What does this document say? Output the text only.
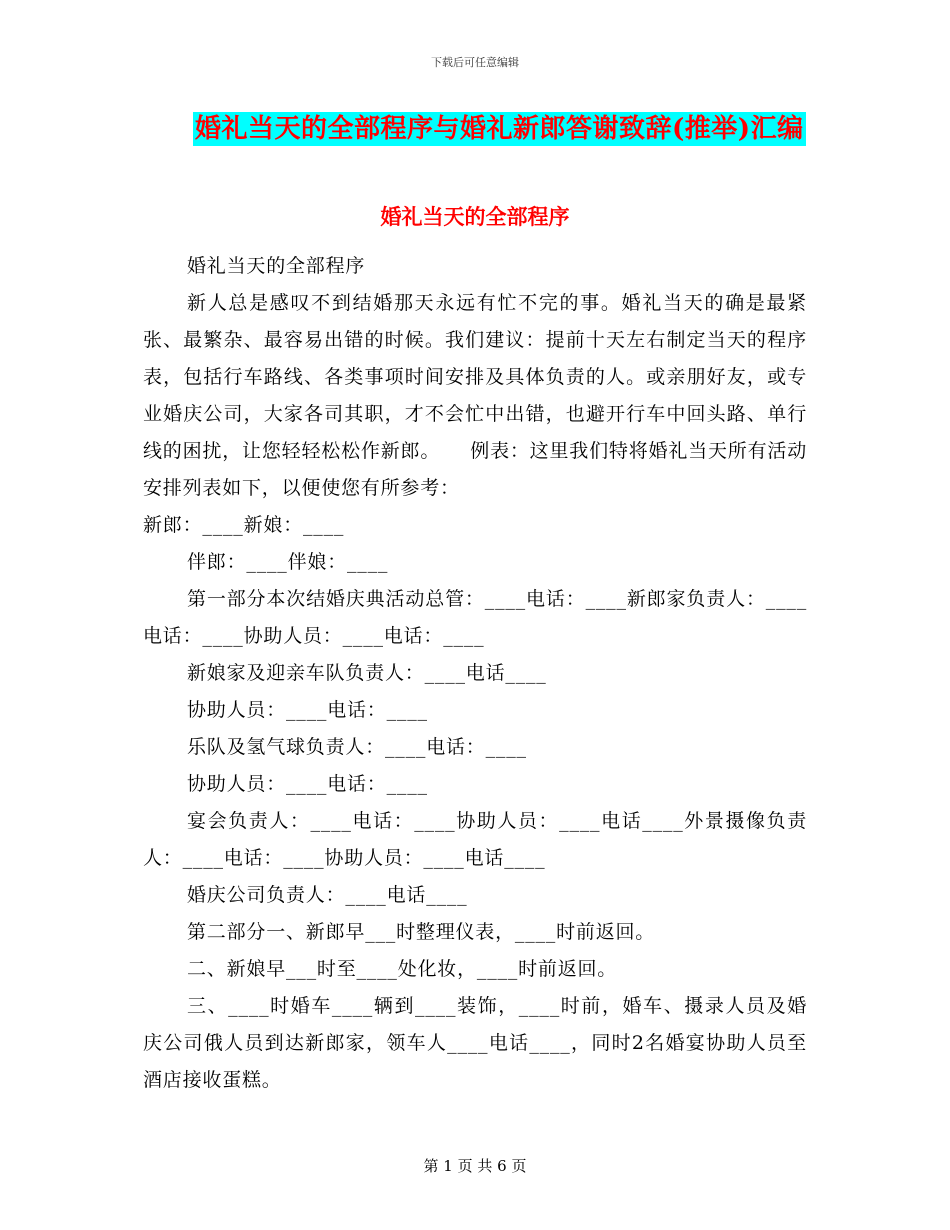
下载后可任意编辑
婚礼当天的全部程序与婚礼新郎答谢致辞(推举)汇编
婚礼当天的全部程序

婚礼当天的全部程序

新人总是感叹不到结婚那天永远有忙不完的事。婚礼当天的确是最紧张、最繁杂、最容易出错的时候。我们建议：提前十天左右制定当天的程序表，包括行车路线、各类事项时间安排及具体负责的人。或亲朋好友，或专业婚庆公司，大家各司其职，才不会忙中出错，也避开行车中回头路、单行线的困扰，让您轻轻松松作新郎。　　例表：这里我们特将婚礼当天所有活动安排列表如下，以便使您有所参考：

新郎：____新娘：____

伴郎：____伴娘：____

第一部分本次结婚庆典活动总管：____电话：____新郎家负责人：____电话：____协助人员：____电话：____

新娘家及迎亲车队负责人：____电话____

协助人员：____电话：____

乐队及氢气球负责人：____电话：____

协助人员：____电话：____

宴会负责人：____电话：____协助人员：____电话____外景摄像负责人：____电话：____协助人员：____电话____

婚庆公司负责人：____电话____

第二部分一、新郎早___时整理仪表，____时前返回。

二、新娘早___时至____处化妆，____时前返回。

三、____时婚车____辆到____装饰，____时前，婚车、摄录人员及婚庆公司俄人员到达新郎家，领车人____电话____，同时2名婚宴协助人员至酒店接收蛋糕。

第 1 页 共 6 页
